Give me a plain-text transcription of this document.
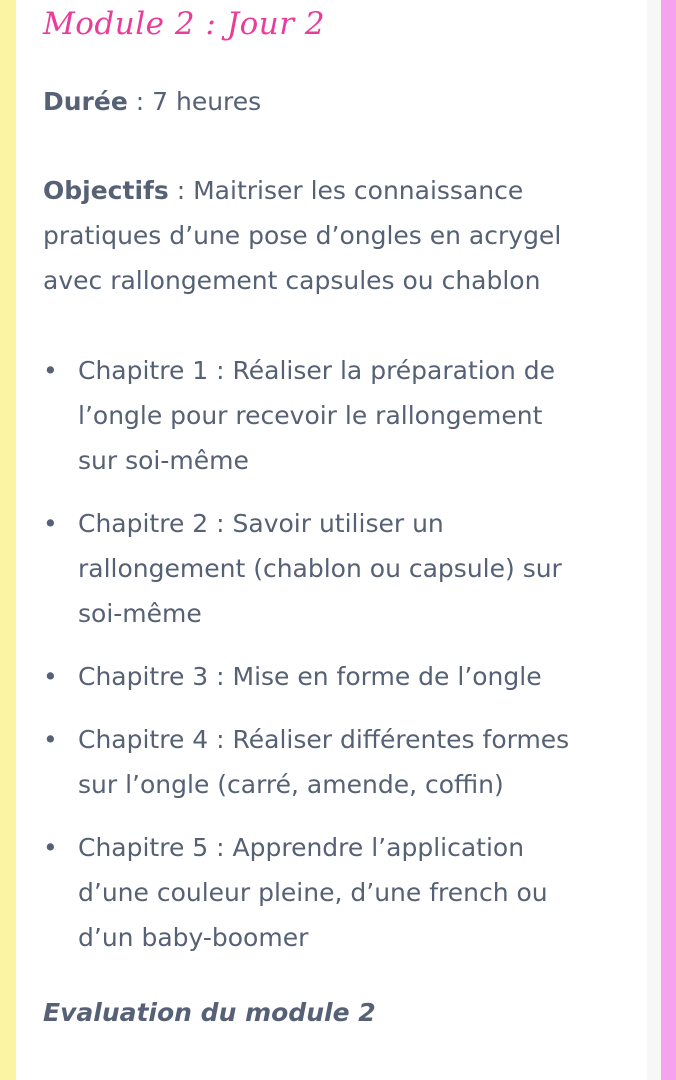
Module 2 : Jour 2

Durée : 7 heures

Objectifs : Maitriser les connaissance

pratiques d’une pose d’ongles en acrygel

avec rallongement capsules ou chablon

• Chapitre 1 : Réaliser la préparation de
l’ongle pour recevoir le rallongement
sur soi-même
• Chapitre 2 : Savoir utiliser un
rallongement (chablon ou capsule) sur
soi-même
• Chapitre 3 : Mise en forme de l’ongle
• Chapitre 4 : Réaliser différentes formes
sur l’ongle (carré, amende, coffin)
• Chapitre 5 : Apprendre l’application
d’une couleur pleine, d’une french ou
d’un baby-boomer

Evaluation du module 2
